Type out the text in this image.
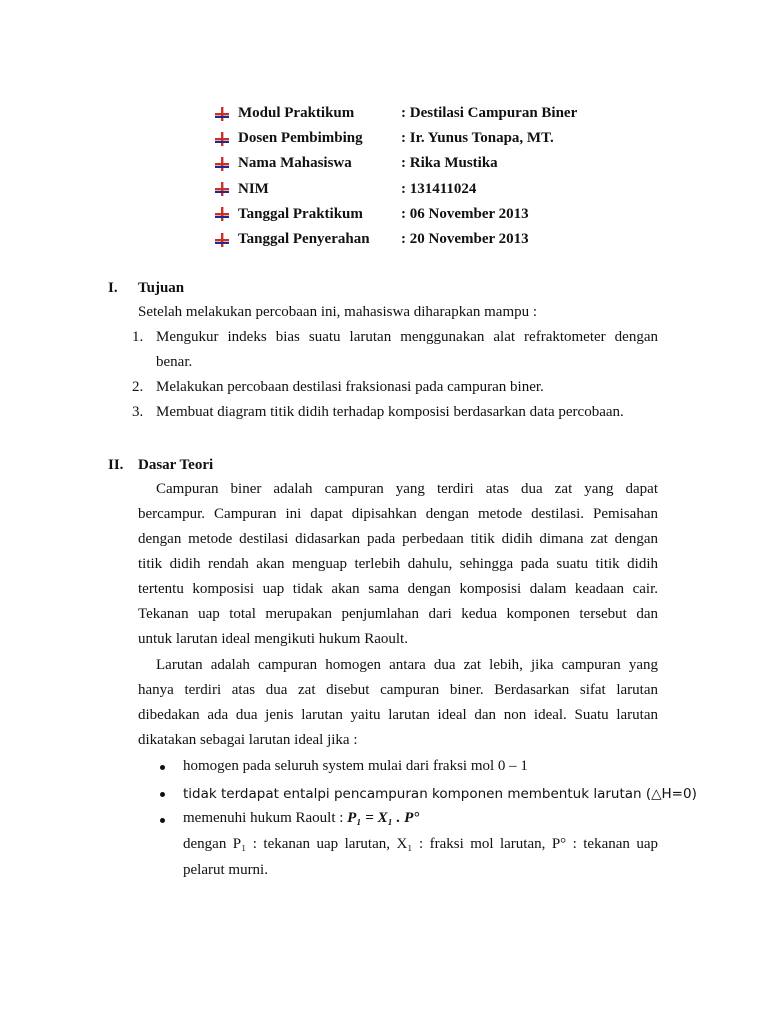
Modul Praktikum	: Destilasi Campuran Biner
Dosen Pembimbing	: Ir. Yunus Tonapa, MT.
Nama Mahasiswa	: Rika Mustika
NIM	: 131411024
Tanggal Praktikum	: 06 November 2013
Tanggal Penyerahan	: 20 November 2013
I.	Tujuan
Setelah melakukan percobaan ini, mahasiswa diharapkan mampu :
1. Mengukur indeks bias suatu larutan menggunakan alat refraktometer dengan
benar.
2. Melakukan percobaan destilasi fraksionasi pada campuran biner.
3. Membuat diagram titik didih terhadap komposisi berdasarkan data percobaan.
II. Dasar Teori
Campuran biner adalah campuran yang terdiri atas dua zat yang dapat
bercampur. Campuran ini dapat dipisahkan dengan metode destilasi. Pemisahan
dengan metode destilasi didasarkan pada perbedaan titik didih dimana zat dengan
titik didih rendah akan menguap terlebih dahulu, sehingga pada suatu titik didih
tertentu komposisi uap tidak akan sama dengan komposisi dalam keadaan cair.
Tekanan uap total merupakan penjumlahan dari kedua komponen tersebut dan
untuk larutan ideal mengikuti hukum Raoult.
Larutan adalah campuran homogen antara dua zat lebih, jika campuran yang
hanya terdiri atas dua zat disebut campuran biner. Berdasarkan sifat larutan
dibedakan ada dua jenis larutan yaitu larutan ideal dan non ideal. Suatu larutan
dikatakan sebagai larutan ideal jika :
homogen pada seluruh system mulai dari fraksi mol 0 – 1
tidak terdapat entalpi pencampuran komponen membentuk larutan (△H=0)
memenuhi hukum Raoult : P₁ = X₁ . P°
dengan P₁ : tekanan uap larutan, X₁ : fraksi mol larutan, P° : tekanan uap
pelarut murni.
